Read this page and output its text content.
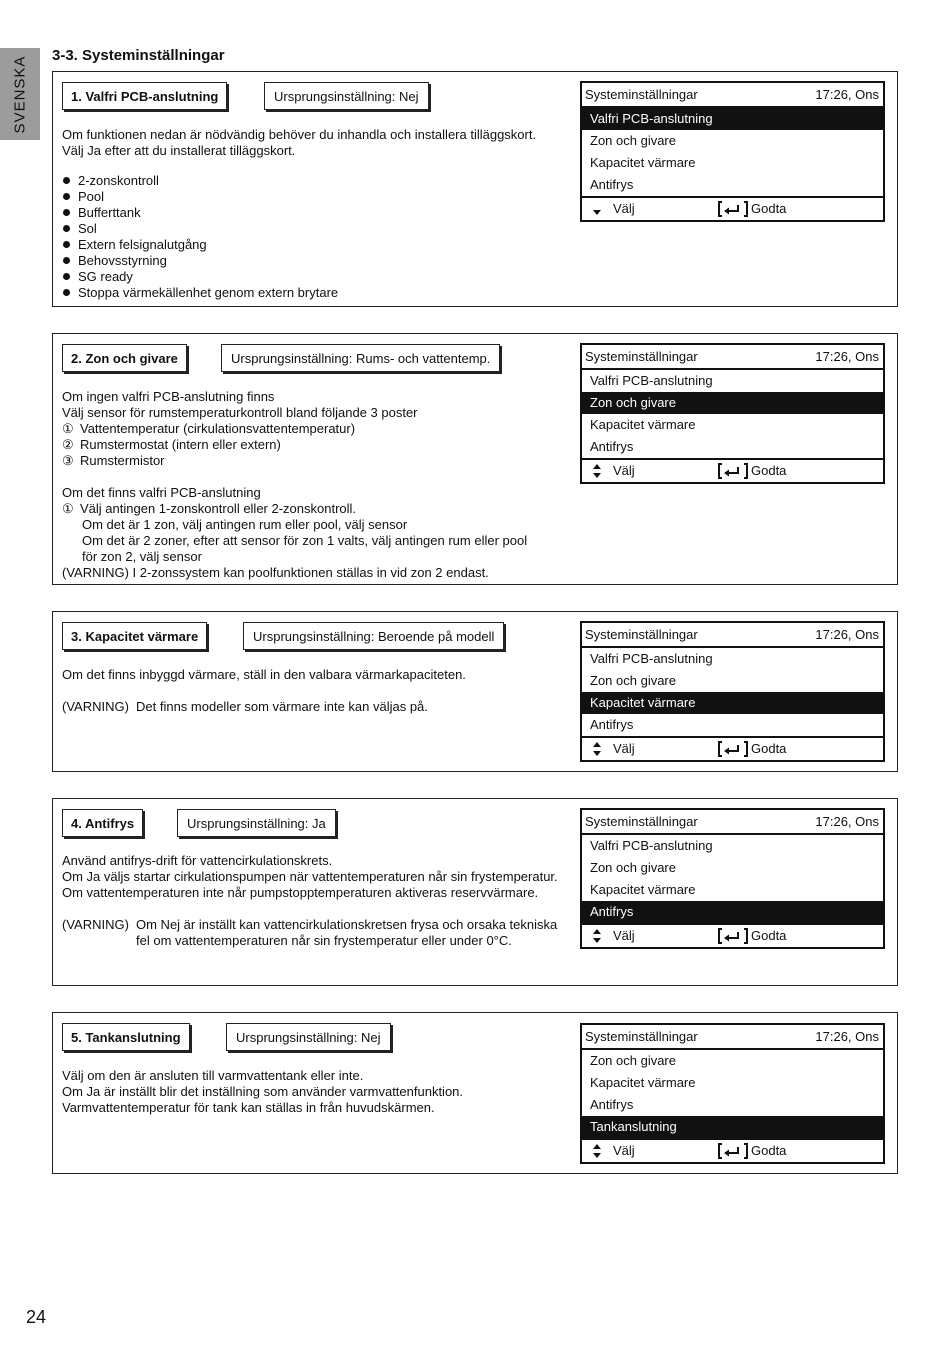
SVENSKA 3-3. Systeminställningar
24
1. Valfri PCB-anslutning	Ursprungsinställning: Nej

Om funktionen nedan är nödvändig behöver du inhandla och installera tilläggskort.

Välj Ja efter att du installerat tilläggskort.

2-zonskontroll
Pool
Bufferttank
Sol
Extern felsignalutgång
Behovsstyrning
SG ready
Stoppa värmekällenhet genom extern brytare
Systeminställningar	17:26, Ons
Valfri PCB-anslutning
Zon och givare
Kapacitet värmare
Antifrys
Välj	Godta
2. Zon och givare	Ursprungsinställning: Rums- och vattentemp.

Om ingen valfri PCB-anslutning finns

Välj sensor för rumstemperaturkontroll bland följande 3 poster

① Vattentemperatur (cirkulationsvattentemperatur)

② Rumstermostat (intern eller extern)

③ Rumstermistor

Om det finns valfri PCB-anslutning

① Välj antingen 1-zonskontroll eller 2-zonskontroll.

Om det är 1 zon, välj antingen rum eller pool, välj sensor

Om det är 2 zoner, efter att sensor för zon 1 valts, välj antingen rum eller pool

för zon 2, välj sensor

(VARNING) I 2-zonssystem kan poolfunktionen ställas in vid zon 2 endast.

Systeminställningar	17:26, Ons
Valfri PCB-anslutning
Zon och givare
Kapacitet värmare
Antifrys
Välj	Godta
3. Kapacitet värmare	Ursprungsinställning: Beroende på modell

Om det finns inbyggd värmare, ställ in den valbara värmarkapaciteten.

(VARNING) Det finns modeller som värmare inte kan väljas på.
Systeminställningar	17:26, Ons
Valfri PCB-anslutning
Zon och givare
Kapacitet värmare
Antifrys
Välj	Godta
4. Antifrys	Ursprungsinställning: Ja

Använd antifrys-drift för vattencirkulationskrets.

Om Ja väljs startar cirkulationspumpen när vattentemperaturen når sin frystemperatur. Om vattentemperaturen inte når pumpstopptemperaturen aktiveras reservvärmare.

(VARNING) Om Nej är inställt kan vattencirkulationskretsen frysa och orsaka tekniska fel om vattentemperaturen når sin frystemperatur eller under 0°C.
Systeminställningar	17:26, Ons
Valfri PCB-anslutning
Zon och givare
Kapacitet värmare
Antifrys
Välj	Godta
5. Tankanslutning	Ursprungsinställning: Nej

Välj om den är ansluten till varmvattentank eller inte.

Om Ja är inställt blir det inställning som använder varmvattenfunktion.

Varmvattentemperatur för tank kan ställas in från huvudskärmen.

Systeminställningar	17:26, Ons
Zon och givare
Kapacitet värmare
Antifrys
Tankanslutning
Välj	Godta
